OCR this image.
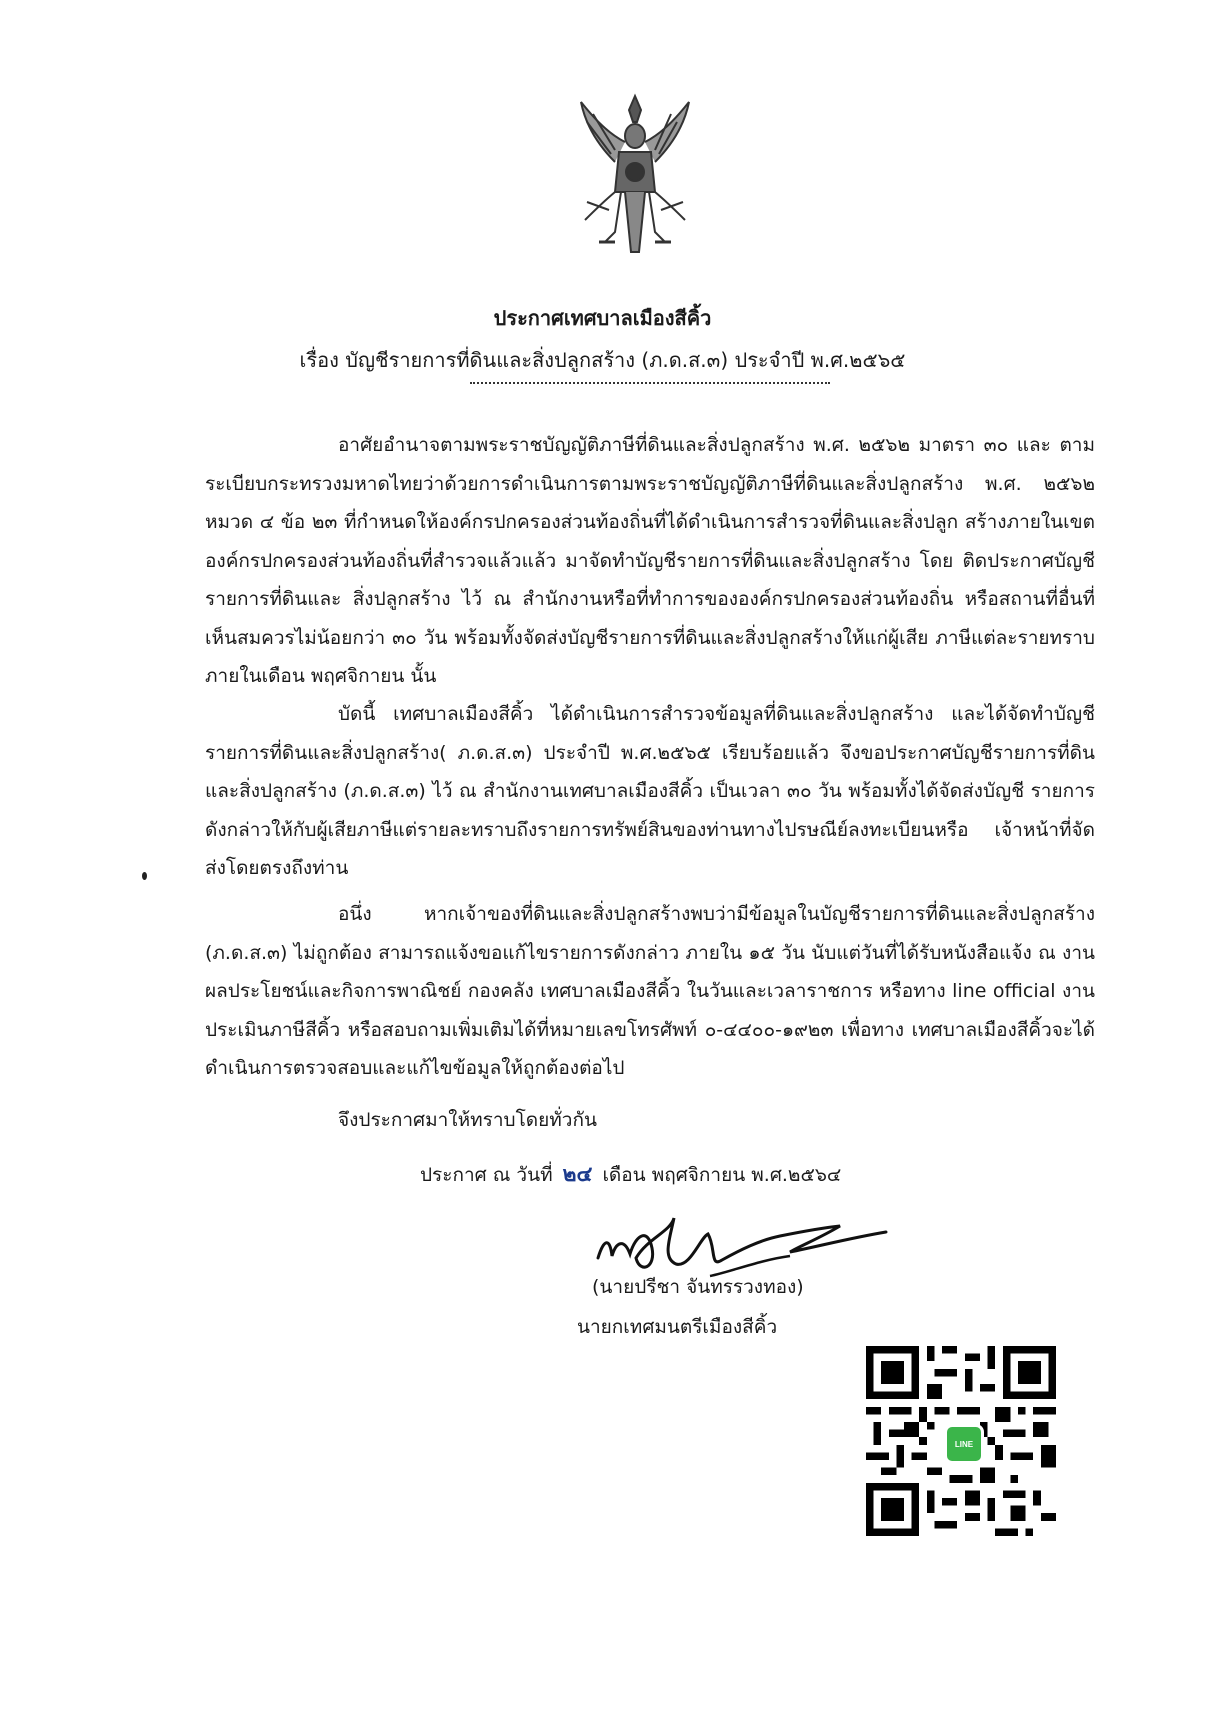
ประกาศเทศบาลเมืองสีคิ้ว
เรื่อง บัญชีรายการที่ดินและสิ่งปลูกสร้าง (ภ.ด.ส.๓) ประจำปี พ.ศ.๒๕๖๕

อาศัยอำนาจตามพระราชบัญญัติภาษีที่ดินและสิ่งปลูกสร้าง พ.ศ. ๒๕๖๒ มาตรา ๓๐ และ ตามระเบียบกระทรวงมหาดไทยว่าด้วยการดำเนินการตามพระราชบัญญัติภาษีที่ดินและสิ่งปลูกสร้าง พ.ศ. ๒๕๖๒ หมวด ๔ ข้อ ๒๓ ที่กำหนดให้องค์กรปกครองส่วนท้องถิ่นที่ได้ดำเนินการสำรวจที่ดินและสิ่งปลูก สร้างภายในเขตองค์กรปกครองส่วนท้องถิ่นที่สำรวจแล้วแล้ว มาจัดทำบัญชีรายการที่ดินและสิ่งปลูกสร้าง โดย ติดประกาศบัญชีรายการที่ดินและ สิ่งปลูกสร้าง ไว้ ณ สำนักงานหรือที่ทำการขององค์กรปกครองส่วนท้องถิ่น หรือสถานที่อื่นที่เห็นสมควรไม่น้อยกว่า ๓๐ วัน พร้อมทั้งจัดส่งบัญชีรายการที่ดินและสิ่งปลูกสร้างให้แก่ผู้เสีย ภาษีแต่ละรายทราบ ภายในเดือน พฤศจิกายน นั้น

บัดนี้ เทศบาลเมืองสีคิ้ว ได้ดำเนินการสำรวจข้อมูลที่ดินและสิ่งปลูกสร้าง และได้จัดทำบัญชี รายการที่ดินและสิ่งปลูกสร้าง( ภ.ด.ส.๓) ประจำปี พ.ศ.๒๕๖๕ เรียบร้อยแล้ว จึงขอประกาศบัญชีรายการที่ดิน และสิ่งปลูกสร้าง (ภ.ด.ส.๓) ไว้ ณ สำนักงานเทศบาลเมืองสีคิ้ว เป็นเวลา ๓๐ วัน พร้อมทั้งได้จัดส่งบัญชี รายการดังกล่าวให้กับผู้เสียภาษีแต่รายละทราบถึงรายการทรัพย์สินของท่านทางไปรษณีย์ลงทะเบียนหรือ เจ้าหน้าที่จัดส่งโดยตรงถึงท่าน

อนึ่ง หากเจ้าของที่ดินและสิ่งปลูกสร้างพบว่ามีข้อมูลในบัญชีรายการที่ดินและสิ่งปลูกสร้าง (ภ.ด.ส.๓) ไม่ถูกต้อง สามารถแจ้งขอแก้ไขรายการดังกล่าว ภายใน ๑๕ วัน นับแต่วันที่ได้รับหนังสือแจ้ง ณ งานผลประโยชน์และกิจการพาณิชย์ กองคลัง เทศบาลเมืองสีคิ้ว ในวันและเวลาราชการ หรือทาง line official งานประเมินภาษีสีคิ้ว หรือสอบถามเพิ่มเติมได้ที่หมายเลขโทรศัพท์ ๐-๔๔๐๐-๑๙๒๓ เพื่อทาง เทศบาลเมืองสีคิ้วจะได้ดำเนินการตรวจสอบและแก้ไขข้อมูลให้ถูกต้องต่อไป

จึงประกาศมาให้ทราบโดยทั่วกัน
ประกาศ ณ วันที่ ๒๔ เดือน พฤศจิกายน พ.ศ.๒๕๖๔
(นายปรีชา จันทรรวงทอง)
นายกเทศมนตรีเมืองสีคิ้ว
LINE
